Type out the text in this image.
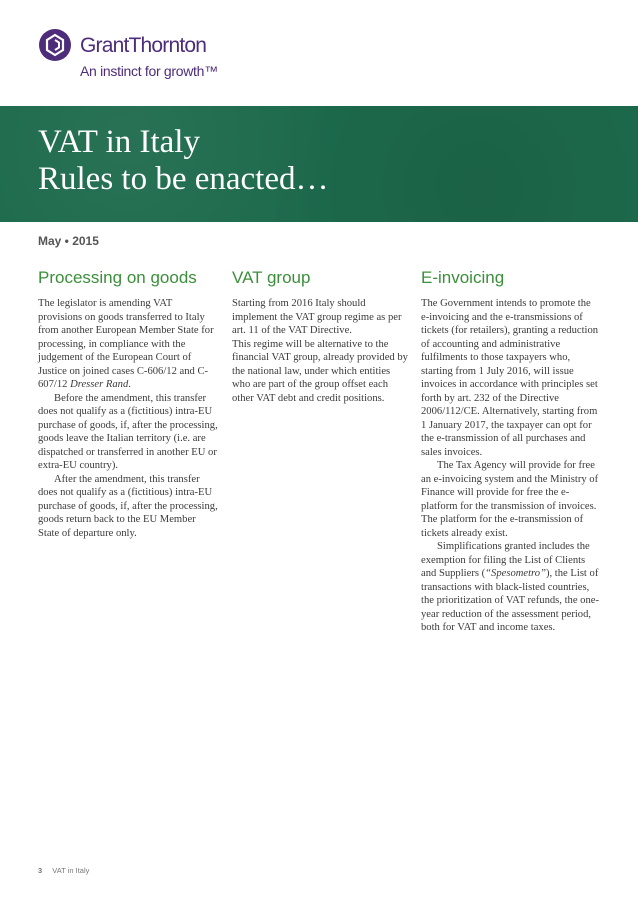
GrantThornton
An instinct for growth™
VAT in Italy
Rules to be enacted…
May • 2015
Processing on goods

The legislator is amending VAT provisions on goods transferred to Italy from another European Member State for processing, in compliance with the judgement of the European Court of Justice on joined cases C-606/12 and C-607/12 Dresser Rand.

Before the amendment, this transfer does not qualify as a (fictitious) intra-EU purchase of goods, if, after the processing, goods leave the Italian territory (i.e. are dispatched or transferred in another EU or extra-EU country).

After the amendment, this transfer does not qualify as a (fictitious) intra-EU purchase of goods, if, after the processing, goods return back to the EU Member State of departure only.

VAT group

Starting from 2016 Italy should implement the VAT group regime as per art. 11 of the VAT Directive.

This regime will be alternative to the financial VAT group, already provided by the national law, under which entities who are part of the group offset each other VAT debt and credit positions.

E-invoicing

The Government intends to promote the e-invoicing and the e-transmissions of tickets (for retailers), granting a reduction of accounting and administrative fulfilments to those taxpayers who, starting from 1 July 2016, will issue invoices in accordance with principles set forth by art. 232 of the Directive 2006/112/CE. Alternatively, starting from 1 January 2017, the taxpayer can opt for the e-transmission of all purchases and sales invoices.

The Tax Agency will provide for free an e-invoicing system and the Ministry of Finance will provide for free the e-platform for the transmission of invoices. The platform for the e-transmission of tickets already exist.

Simplifications granted includes the exemption for filing the List of Clients and Suppliers (“Spesometro”), the List of transactions with black-listed countries, the prioritization of VAT refunds, the one-year reduction of the assessment period, both for VAT and income taxes.

3 VAT in Italy
